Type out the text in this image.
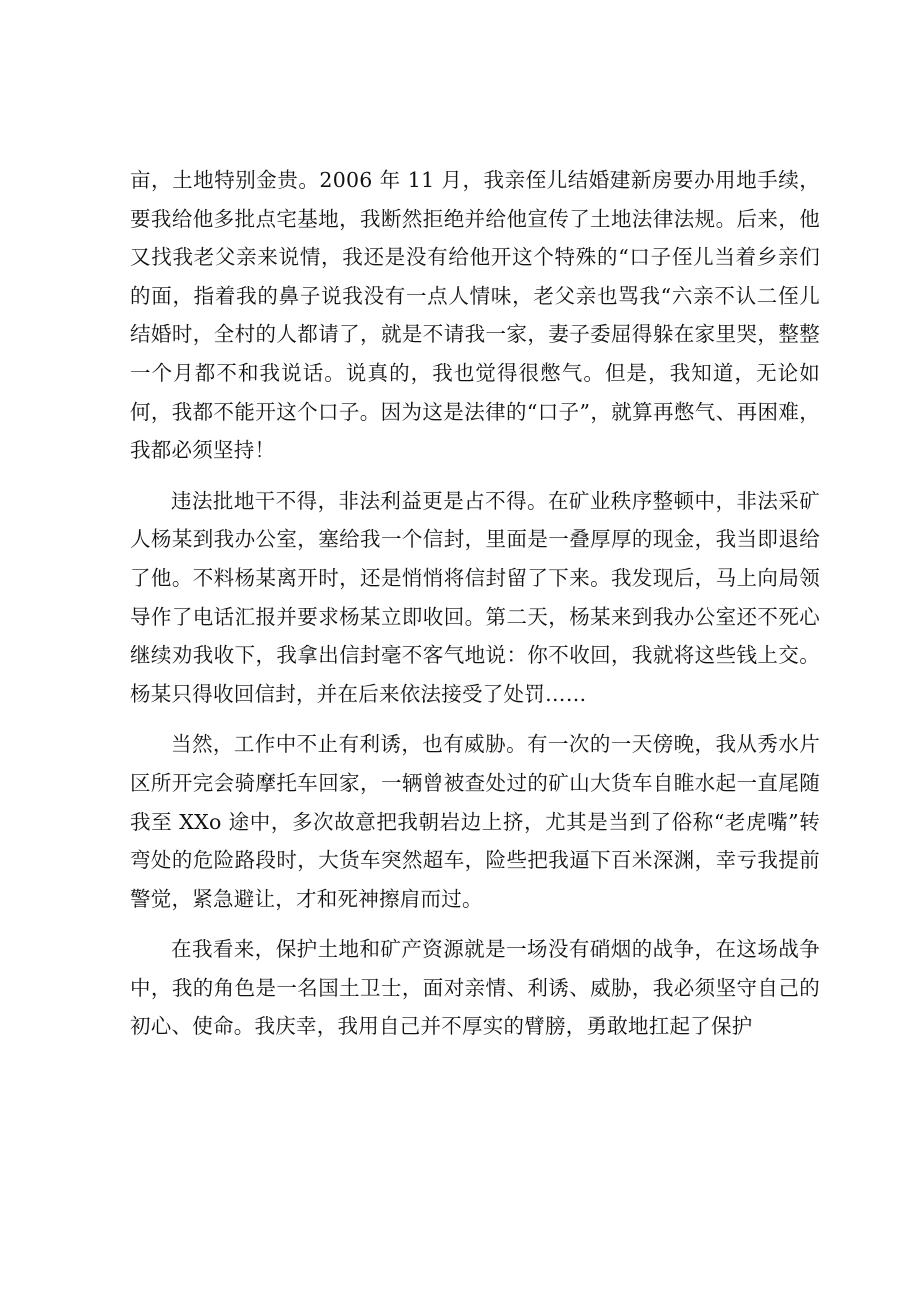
亩，土地特别金贵。2006 年 11 月，我亲侄儿结婚建新房要办用地手续，要我给他多批点宅基地，我断然拒绝并给他宣传了土地法律法规。后来，他又找我老父亲来说情，我还是没有给他开这个特殊的“口子侄儿当着乡亲们的面，指着我的鼻子说我没有一点人情味，老父亲也骂我“六亲不认二侄儿结婚时，全村的人都请了，就是不请我一家，妻子委屈得躲在家里哭，整整一个月都不和我说话。说真的，我也觉得很憋气。但是，我知道，无论如何，我都不能开这个口子。因为这是法律的“口子”，就算再憋气、再困难，我都必须坚持！

违法批地干不得，非法利益更是占不得。在矿业秩序整顿中，非法采矿人杨某到我办公室，塞给我一个信封，里面是一叠厚厚的现金，我当即退给了他。不料杨某离开时，还是悄悄将信封留了下来。我发现后，马上向局领导作了电话汇报并要求杨某立即收回。第二天，杨某来到我办公室还不死心继续劝我收下，我拿出信封毫不客气地说：你不收回，我就将这些钱上交。杨某只得收回信封，并在后来依法接受了处罚……

当然，工作中不止有利诱，也有威胁。有一次的一天傍晚，我从秀水片区所开完会骑摩托车回家，一辆曾被查处过的矿山大货车自睢水起一直尾随我至 XXo 途中，多次故意把我朝岩边上挤，尤其是当到了俗称“老虎嘴”转弯处的危险路段时，大货车突然超车，险些把我逼下百米深渊，幸亏我提前警觉，紧急避让，才和死神擦肩而过。

在我看来，保护土地和矿产资源就是一场没有硝烟的战争，在这场战争中，我的角色是一名国土卫士，面对亲情、利诱、威胁，我必须坚守自己的初心、使命。我庆幸，我用自己并不厚实的臂膀，勇敢地扛起了保护
